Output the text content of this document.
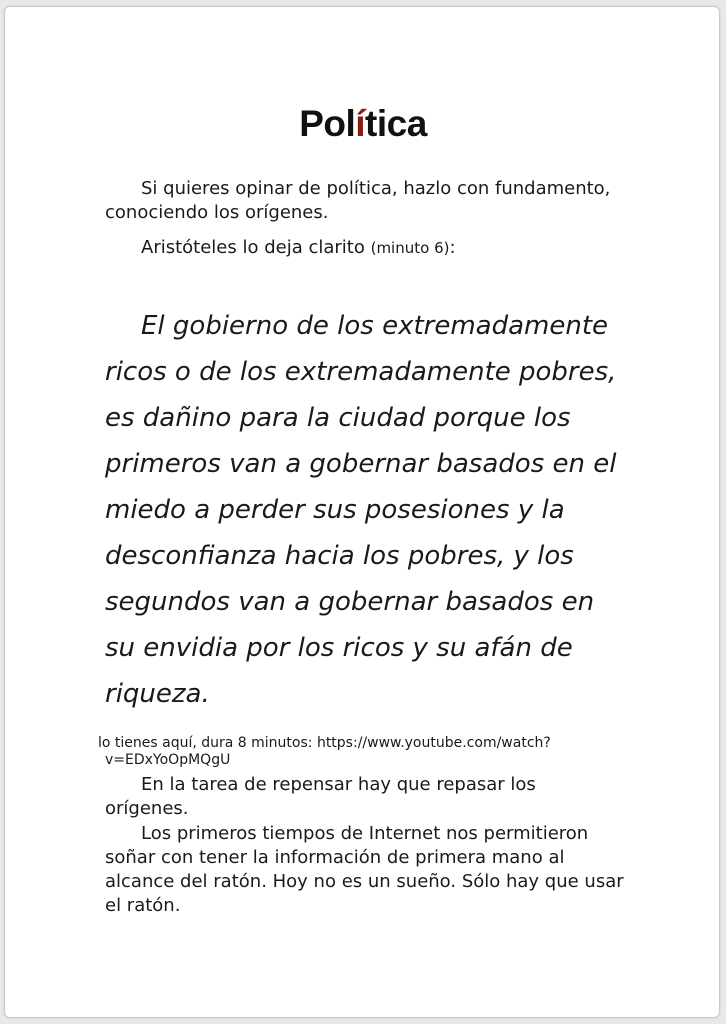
Política

Si quieres opinar de política, hazlo con fundamento, conociendo los orígenes.

Aristóteles lo deja clarito (minuto 6):

El gobierno de los extremadamente ricos o de los extremadamente pobres, es dañino para la ciudad porque los primeros van a gobernar basados en el miedo a perder sus posesiones y la desconfianza hacia los pobres, y los segundos van a gobernar basados en su envidia por los ricos y su afán de riqueza.

lo tienes aquí, dura 8 minutos: https://www.youtube.com/watch?
v=EDxYoOpMQgU

En la tarea de repensar hay que repasar los orígenes.

Los primeros tiempos de Internet nos permitieron soñar con tener la información de primera mano al alcance del ratón. Hoy no es un sueño. Sólo hay que usar el ratón.
